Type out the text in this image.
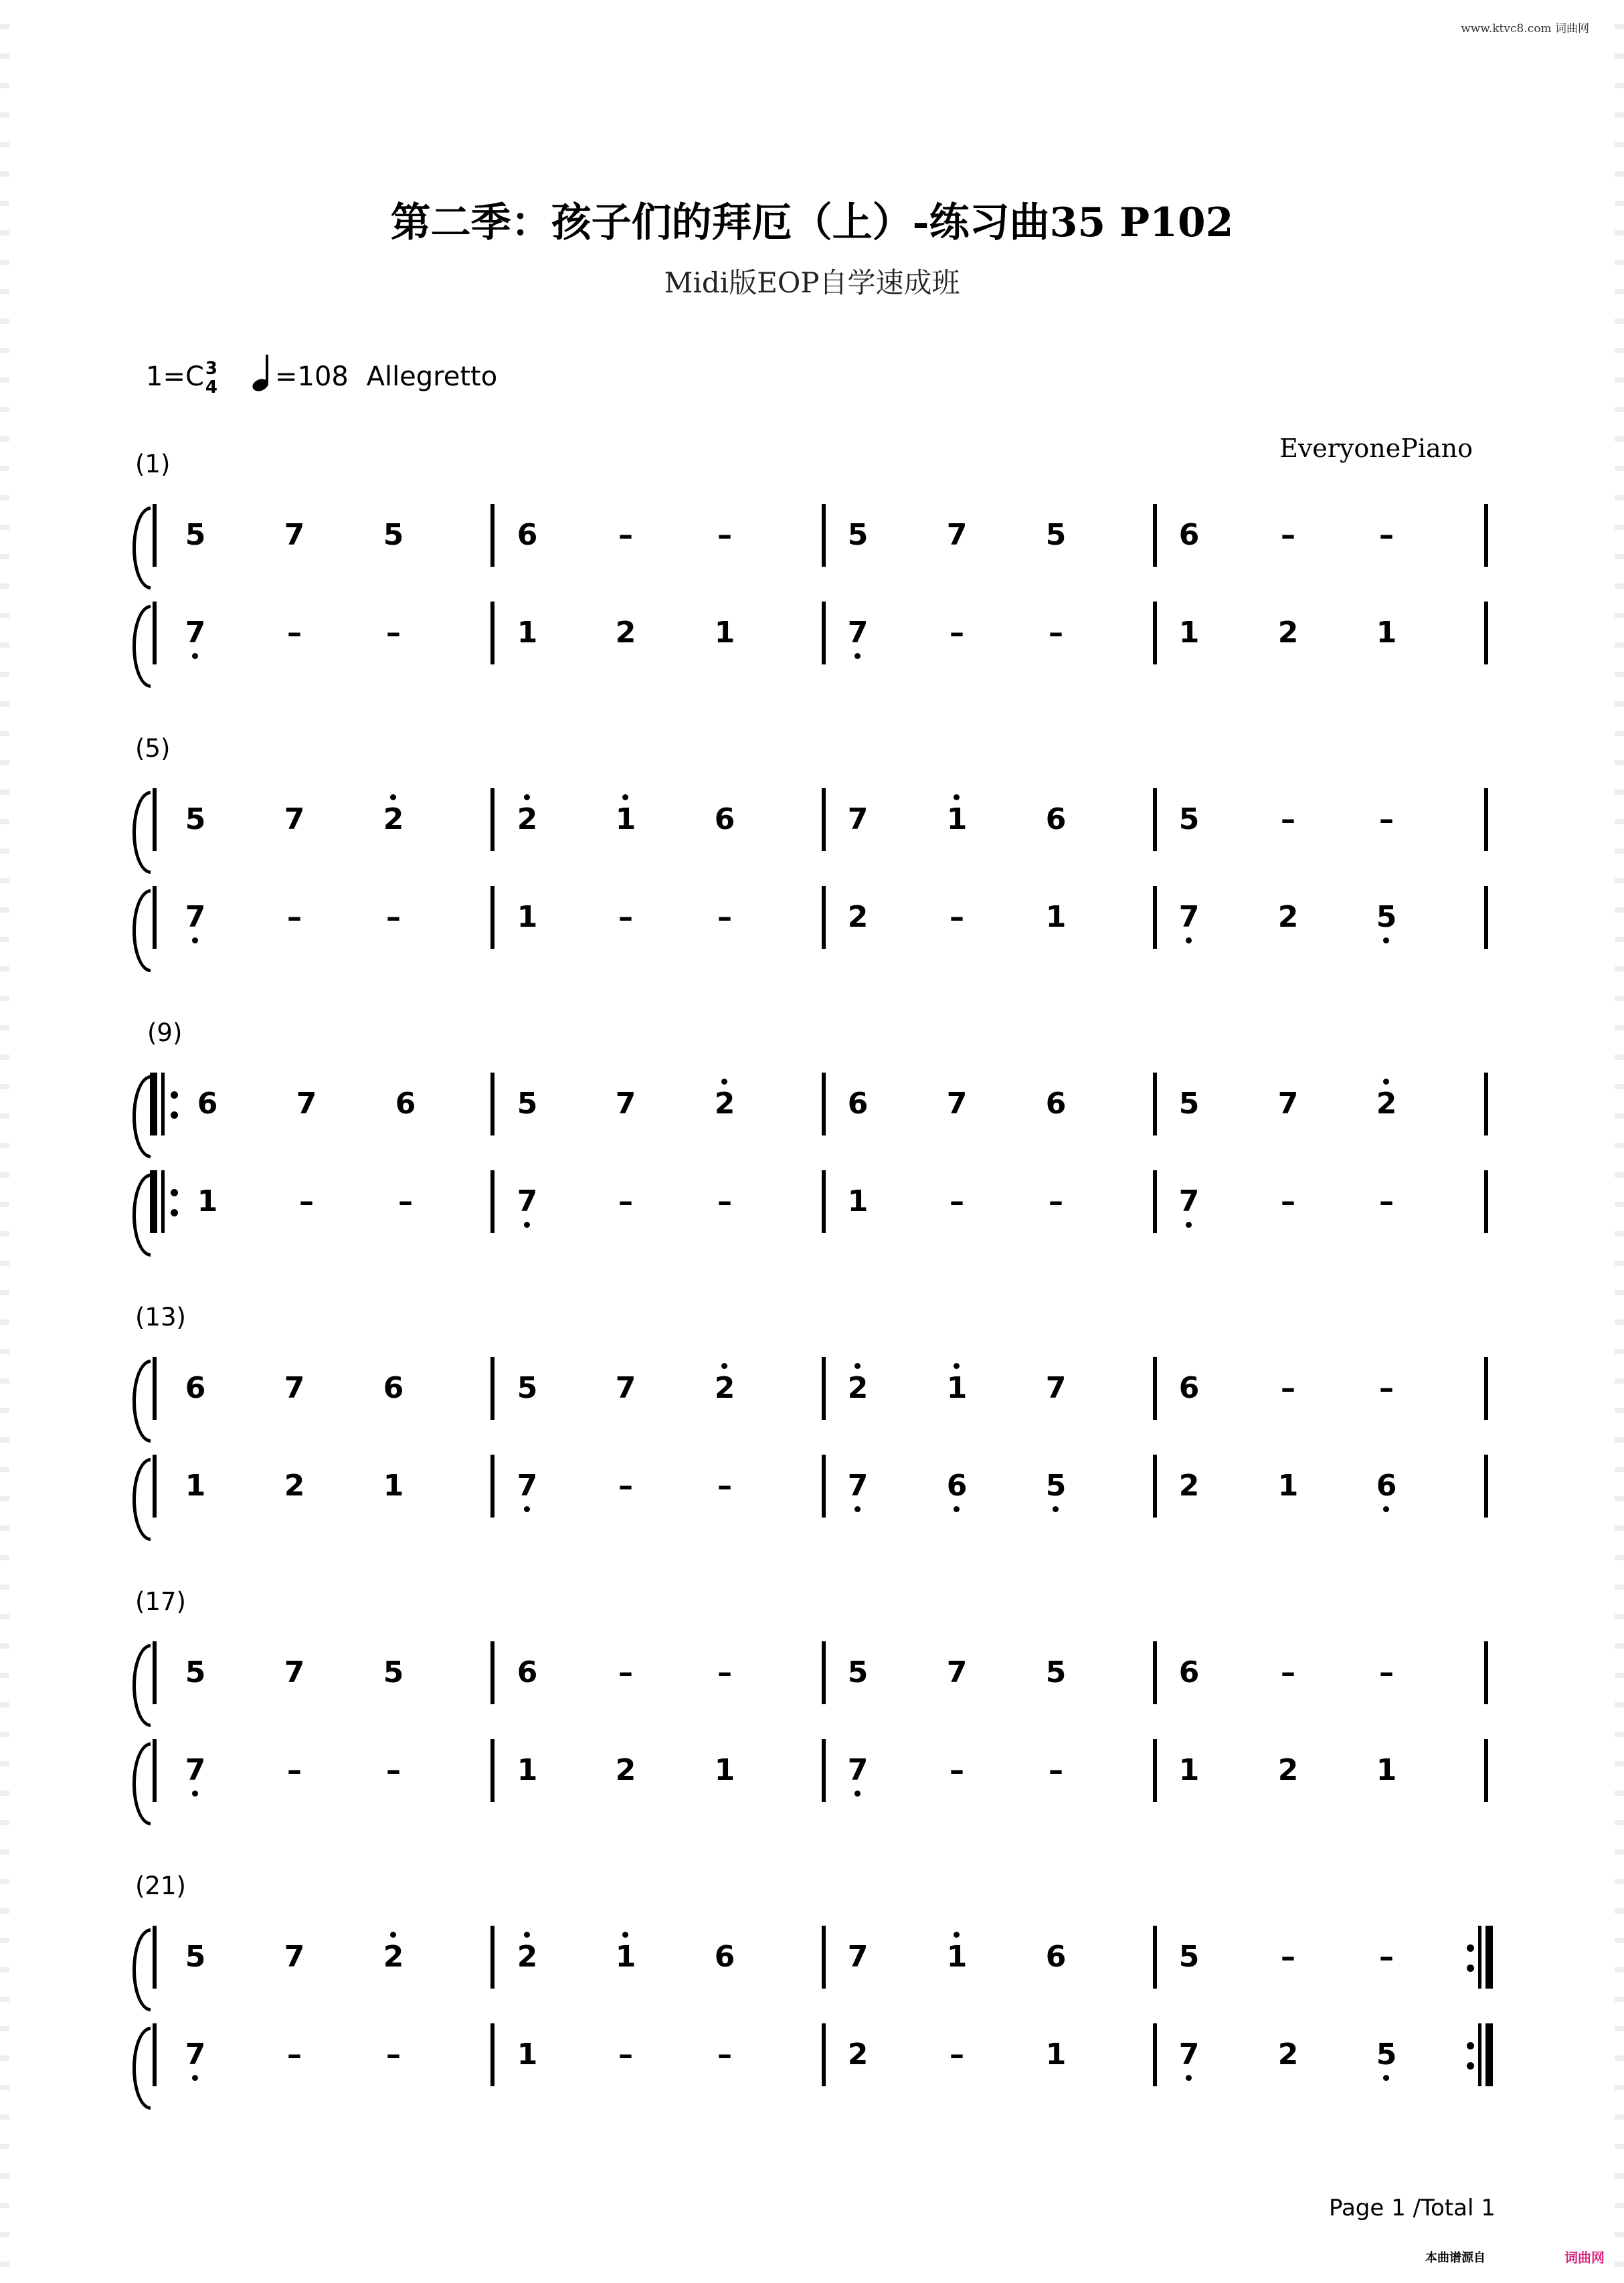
www.ktvc8.com 词曲网
第二季：孩子们的拜厄（上）-练习曲35 P102
Midi版EOP自学速成班
1=C 3
4 =108 Allegretto
EveryonePiano
(1)
5	7	5	6	–	–	5	7	5	6	–	–
7	–	–	1	2	1	7	–	–	1	2	1
(5)
5	7	2	2	1	6	7	1	6	5	–	–
7	–	–	1	–	–	2	–	1	7	2	5
(9)
6	7	6	5	7	2	6	7	6	5	7	2
1	–	–	7	–	–	1	–	–	7	–	–
(13)
6	7	6	5	7	2	2	1	7	6	–	–
1	2	1	7	–	–	7	6	5	2	1	6
(17)
5	7	5	6	–	–	5	7	5	6	–	–
7	–	–	1	2	1	7	–	–	1	2	1
(21)
5	7	2	2	1	6	7	1	6	5	–	–
7	–	–	1	–	–	2	–	1	7	2	5
Page 1 /Total 1
本曲谱源自	词曲网
